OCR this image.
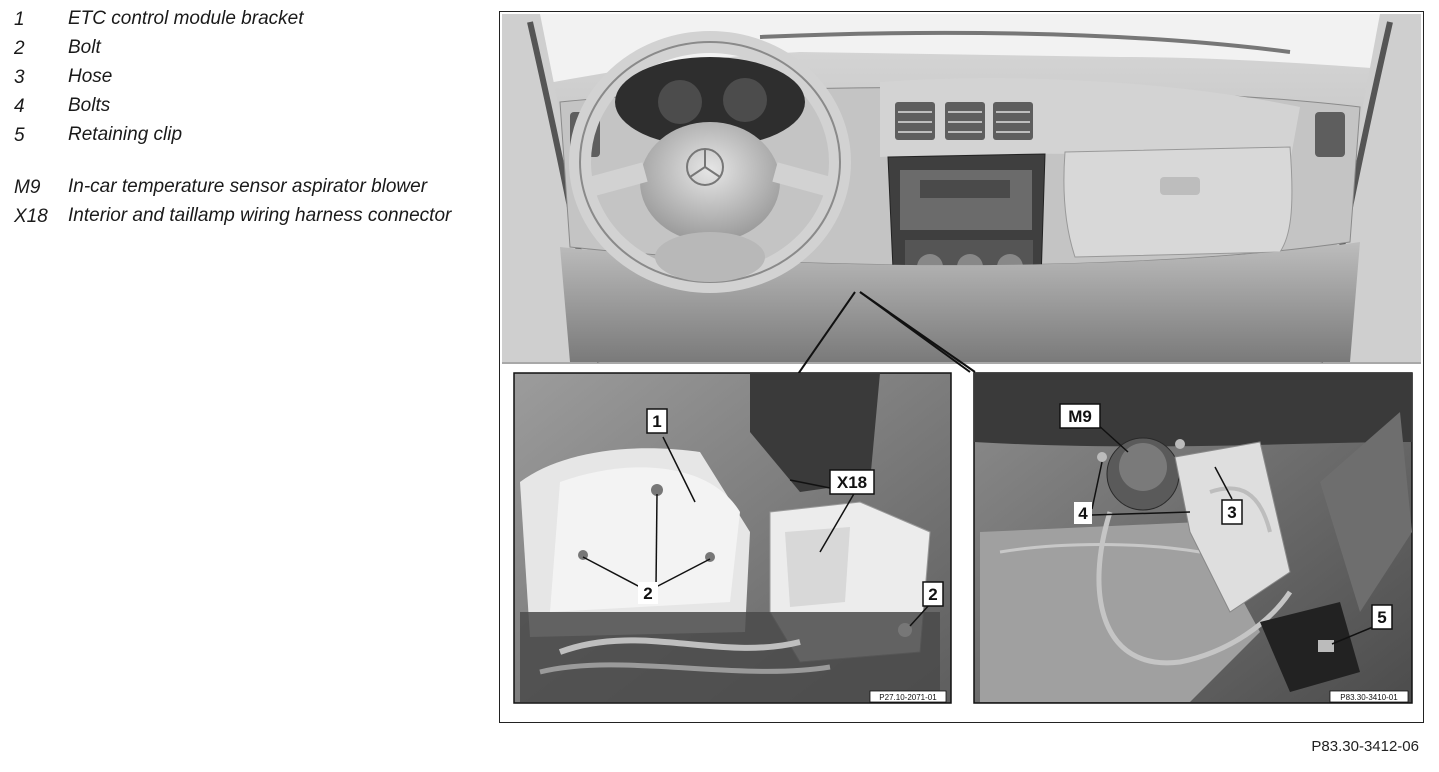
1	ETC control module bracket
2	Bolt
3	Hose
4	Bolts
5	Retaining clip
M9	In-car temperature sensor aspirator blower
X18	Interior and taillamp wiring harness connector
1
X18
2	2
P27.10-2071-01
M9
4	3
5
P83.30-3410-01
P83.30-3412-06
